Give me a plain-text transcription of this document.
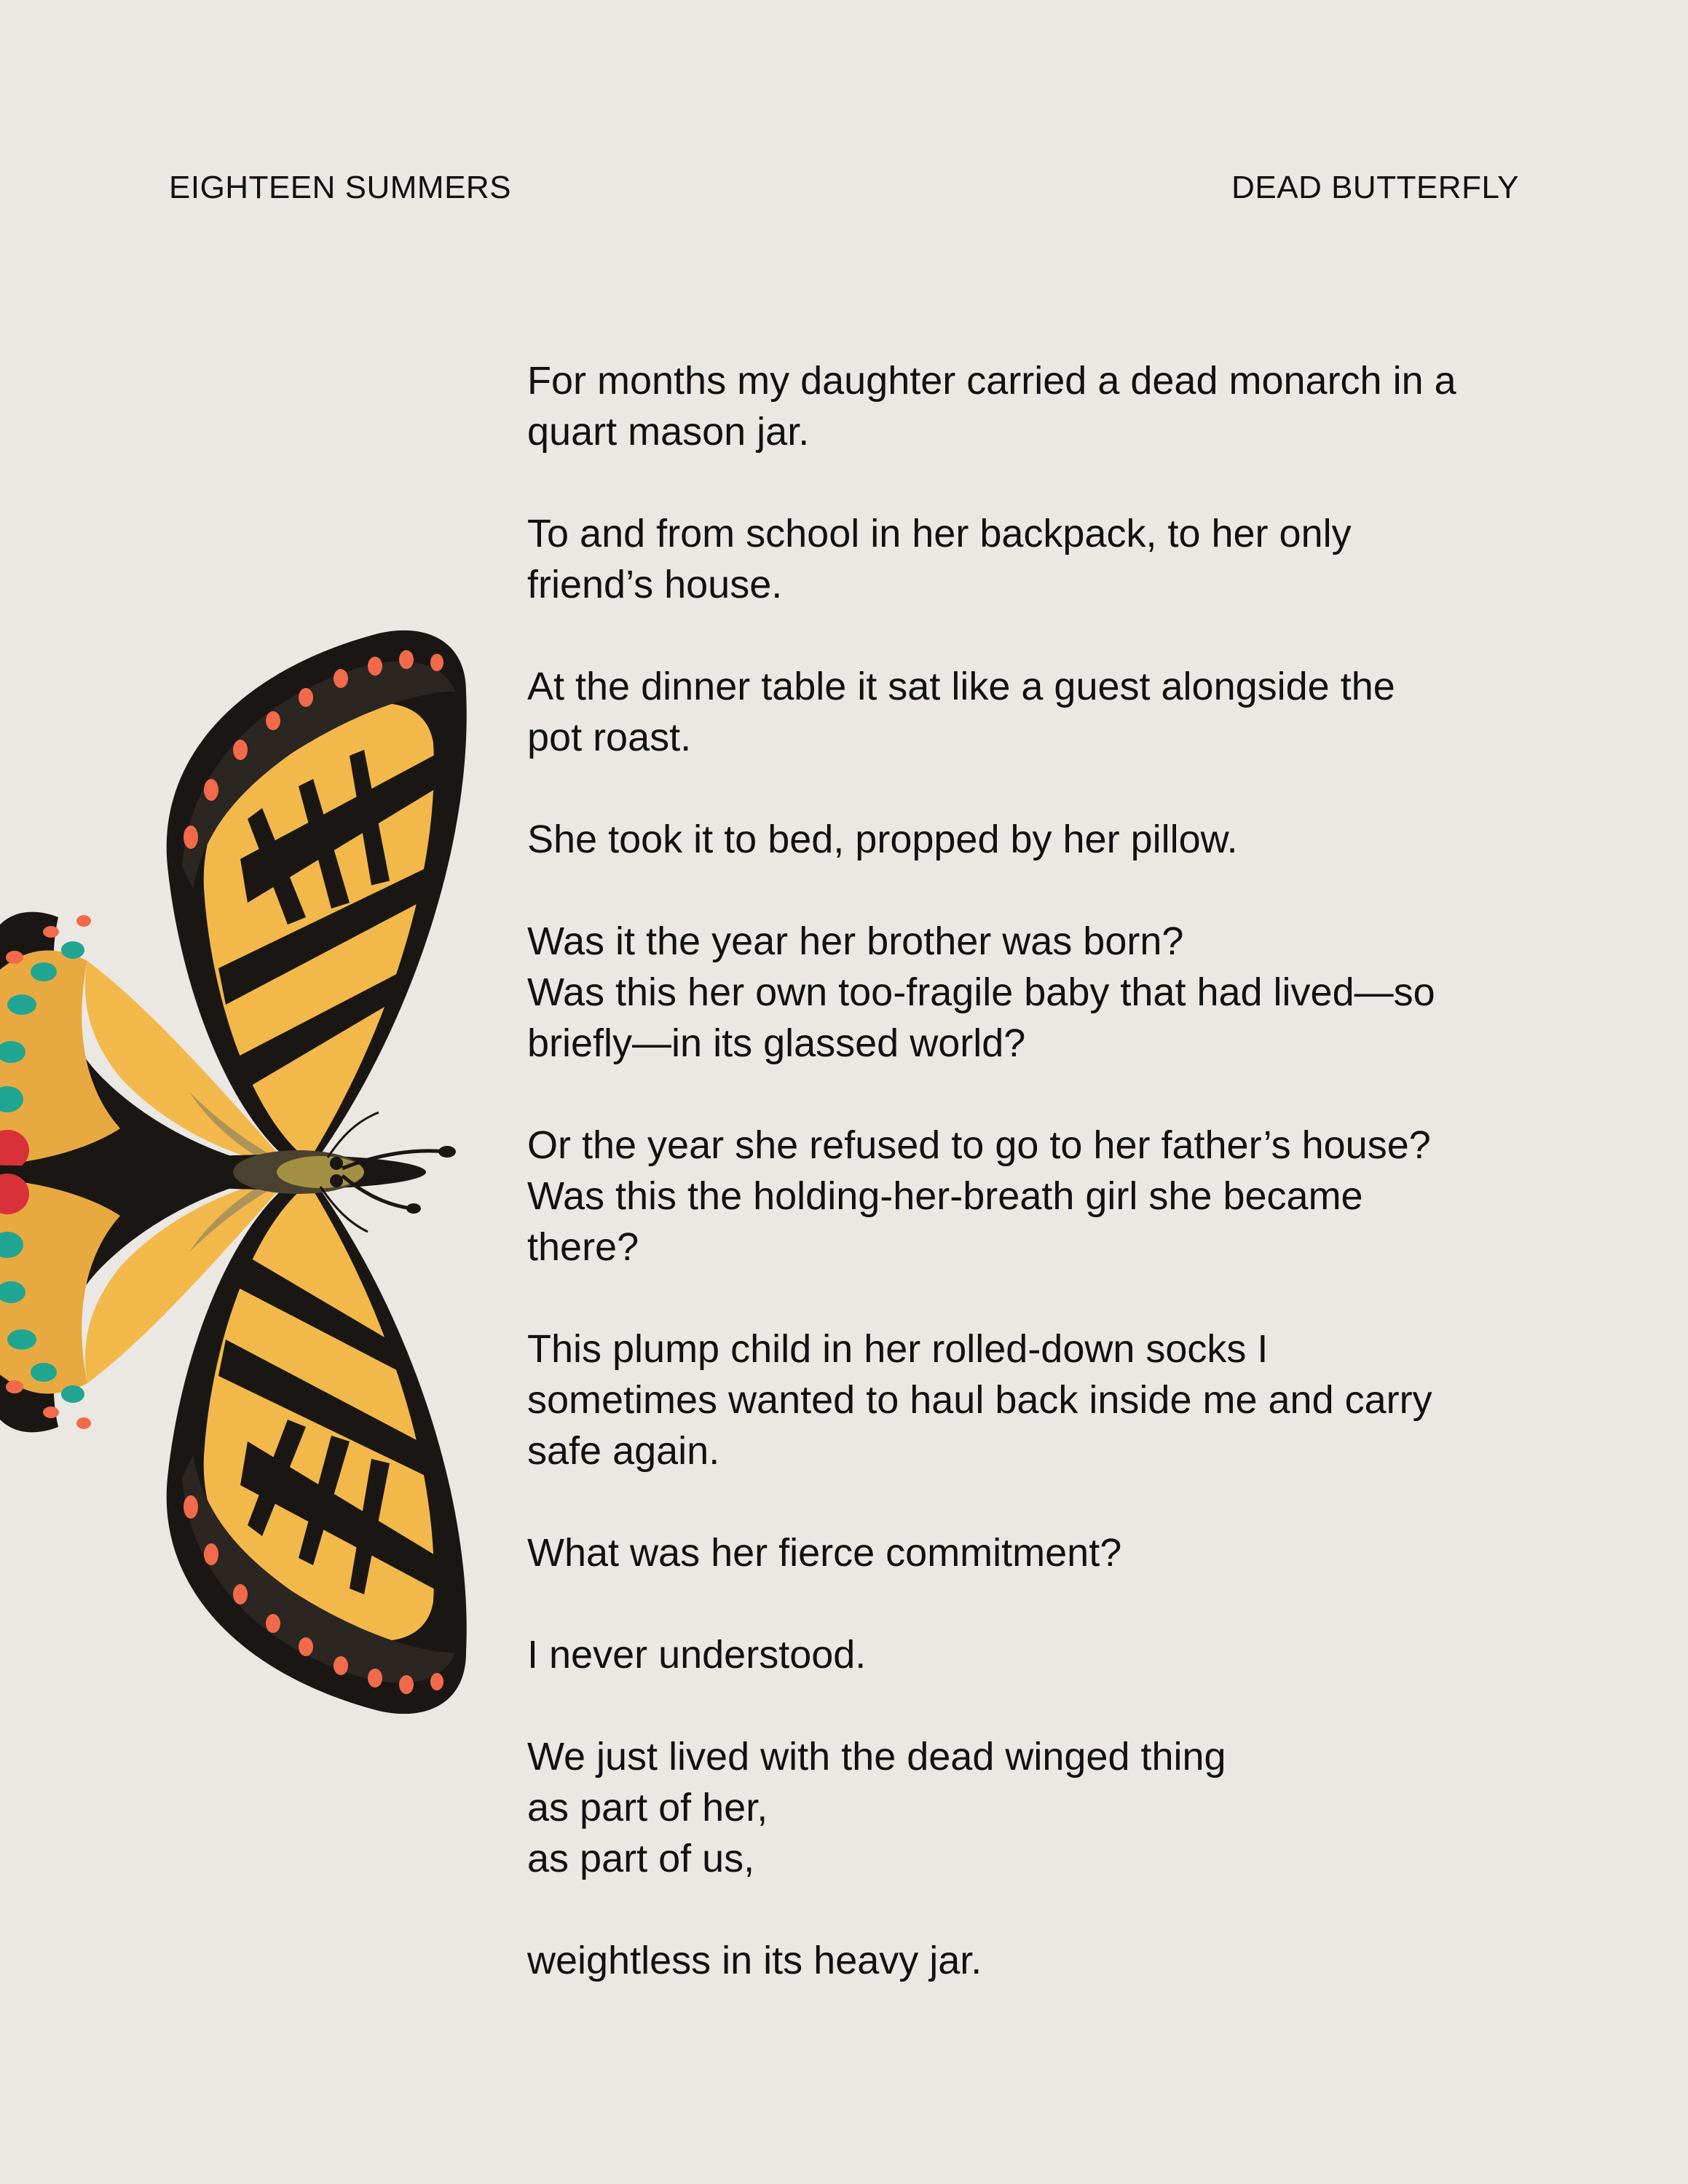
EIGHTEEN SUMMERS	DEAD BUTTERFLY
For months my daughter carried a dead monarch in a
quart mason jar.
To and from school in her backpack, to her only
friend’s house.
At the dinner table it sat like a guest alongside the
pot roast.
She took it to bed, propped by her pillow.
Was it the year her brother was born?
Was this her own too-fragile baby that had lived—so
briefly—in its glassed world?
Or the year she refused to go to her father’s house?
Was this the holding-her-breath girl she became
there?
This plump child in her rolled-down socks I
sometimes wanted to haul back inside me and carry
safe again.
What was her fierce commitment?
I never understood.
We just lived with the dead winged thing
as part of her,
as part of us,
weightless in its heavy jar.
